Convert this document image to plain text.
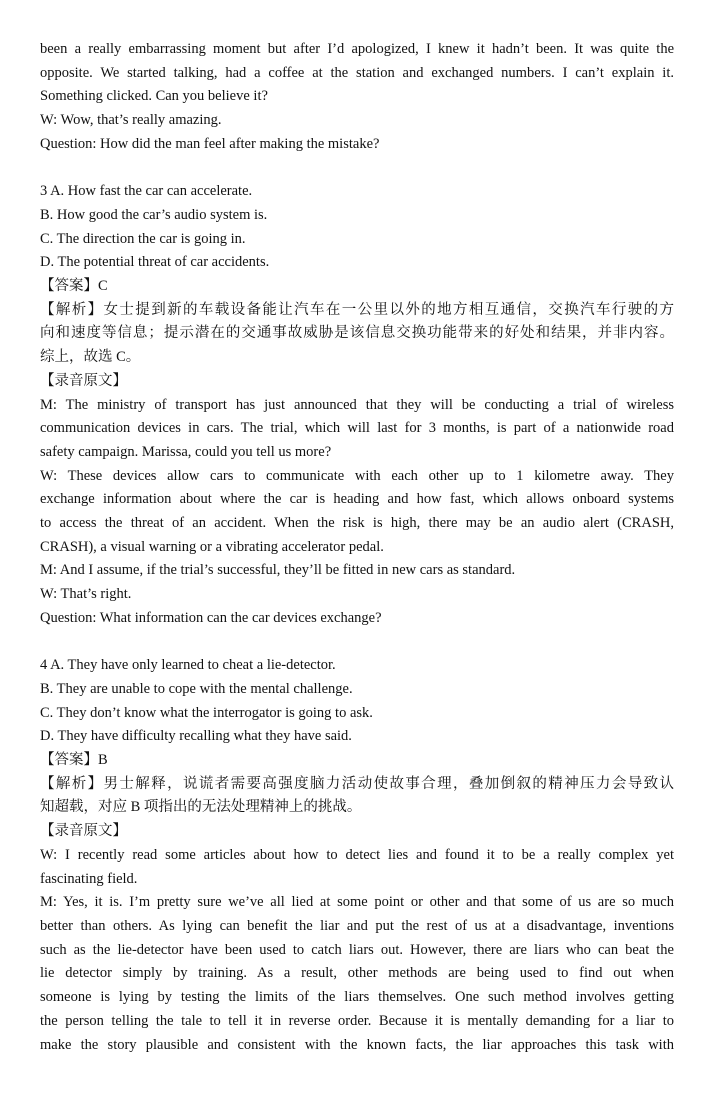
been a really embarrassing moment but after I’d apologized, I knew it hadn’t been. It was quite the
opposite. We started talking, had a coffee at the station and exchanged numbers. I can’t explain it.
Something clicked. Can you believe it?
W: Wow, that’s really amazing.
Question: How did the man feel after making the mistake?
3 A. How fast the car can accelerate.
B. How good the car’s audio system is.
C. The direction the car is going in.
D. The potential threat of car accidents.
【答案】C
【解析】女士提到新的车载设备能让汽车在一公里以外的地方相互通信，交换汽车行驶的方
向和速度等信息；提示潜在的交通事故威胁是该信息交换功能带来的好处和结果，并非内容。
综上，故选 C。
【录音原文】
M: The ministry of transport has just announced that they will be conducting a trial of wireless
communication devices in cars. The trial, which will last for 3 months, is part of a nationwide road
safety campaign. Marissa, could you tell us more?
W: These devices allow cars to communicate with each other up to 1 kilometre away. They
exchange information about where the car is heading and how fast, which allows onboard systems
to access the threat of an accident. When the risk is high, there may be an audio alert (CRASH,
CRASH), a visual warning or a vibrating accelerator pedal.
M: And I assume, if the trial’s successful, they’ll be fitted in new cars as standard.
W: That’s right.
Question: What information can the car devices exchange?
4 A. They have only learned to cheat a lie-detector.
B. They are unable to cope with the mental challenge.
C. They don’t know what the interrogator is going to ask.
D. They have difficulty recalling what they have said.
【答案】B
【解析】男士解释，说谎者需要高强度脑力活动使故事合理，叠加倒叙的精神压力会导致认
知超载，对应 B 项指出的无法处理精神上的挑战。
【录音原文】
W: I recently read some articles about how to detect lies and found it to be a really complex yet
fascinating field.
M: Yes, it is. I’m pretty sure we’ve all lied at some point or other and that some of us are so much
better than others. As lying can benefit the liar and put the rest of us at a disadvantage, inventions
such as the lie-detector have been used to catch liars out. However, there are liars who can beat the
lie detector simply by training. As a result, other methods are being used to find out when
someone is lying by testing the limits of the liars themselves. One such method involves getting
the person telling the tale to tell it in reverse order. Because it is mentally demanding for a liar to
make the story plausible and consistent with the known facts, the liar approaches this task with
